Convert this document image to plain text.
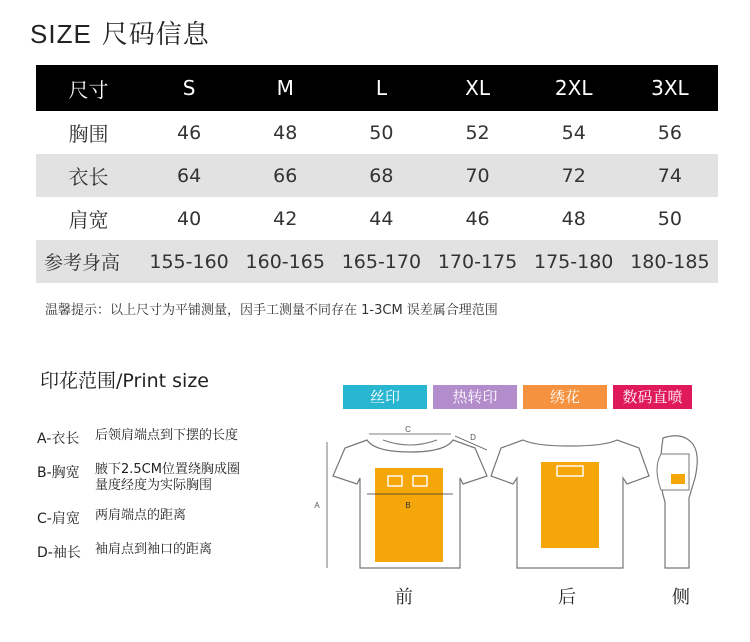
SIZE 尺码信息
尺寸	S	M	L	XL	2XL	3XL
胸围	46	48	50	52	54	56
衣长	64	66	68	70	72	74
肩宽	40	42	44	46	48	50
参考身高	155-160	160-165	165-170	170-175	175-180	180-185
温馨提示：以上尺寸为平铺测量，因手工测量不同存在 1-3CM 误差属合理范围
印花范围/Print size
丝印	热转印	绣花	数码直喷
A-衣长	后领肩端点到下摆的长度
B-胸宽	腋下2.5CM位置绕胸成圈
量度经度为实际胸围
C-肩宽	两肩端点的距离
D-袖长	袖肩点到袖口的距离
C
B
A
D
前	后	侧
